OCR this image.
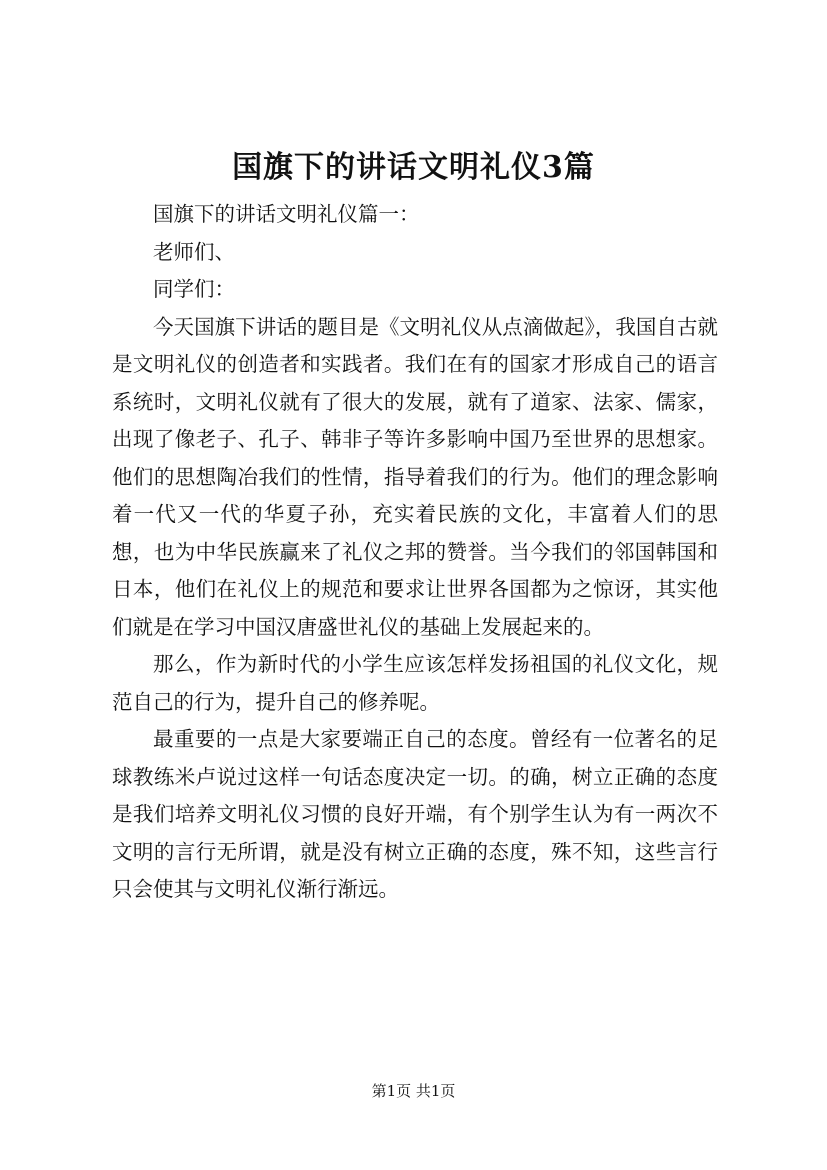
国旗下的讲话文明礼仪3篇

国旗下的讲话文明礼仪篇一：

老师们、

同学们：

今天国旗下讲话的题目是《文明礼仪从点滴做起》，我国自古就是文明礼仪的创造者和实践者。我们在有的国家才形成自己的语言系统时，文明礼仪就有了很大的发展，就有了道家、法家、儒家，出现了像老子、孔子、韩非子等许多影响中国乃至世界的思想家。他们的思想陶冶我们的性情，指导着我们的行为。他们的理念影响着一代又一代的华夏子孙，充实着民族的文化，丰富着人们的思想，也为中华民族赢来了礼仪之邦的赞誉。当今我们的邻国韩国和日本，他们在礼仪上的规范和要求让世界各国都为之惊讶，其实他们就是在学习中国汉唐盛世礼仪的基础上发展起来的。

那么，作为新时代的小学生应该怎样发扬祖国的礼仪文化，规范自己的行为，提升自己的修养呢。

最重要的一点是大家要端正自己的态度。曾经有一位著名的足球教练米卢说过这样一句话态度决定一切。的确，树立正确的态度是我们培养文明礼仪习惯的良好开端，有个别学生认为有一两次不文明的言行无所谓，就是没有树立正确的态度，殊不知，这些言行只会使其与文明礼仪渐行渐远。

第1页 共1页
